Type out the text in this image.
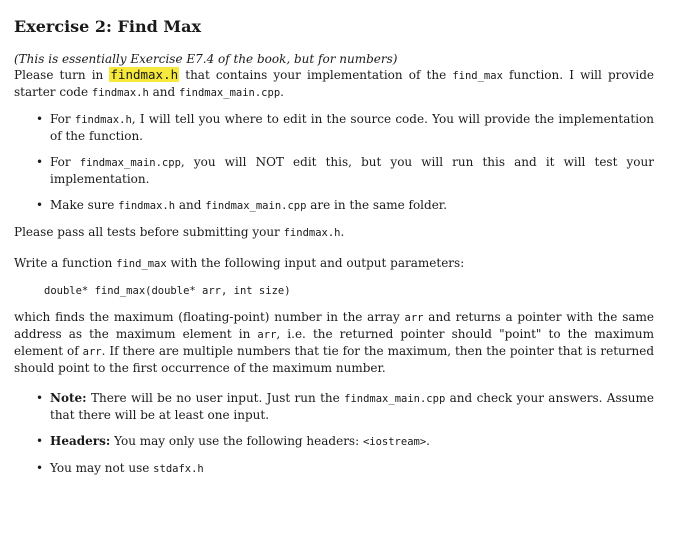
Exercise 2: Find Max

(This is essentially Exercise E7.4 of the book, but for numbers)

Please turn in findmax.h that contains your implementation of the find_max function. I will provide starter code findmax.h and findmax_main.cpp.

• For findmax.h, I will tell you where to edit in the source code. You will provide the implementation of the function.
• For findmax_main.cpp, you will NOT edit this, but you will run this and it will test your implementation.
• Make sure findmax.h and findmax_main.cpp are in the same folder.

Please pass all tests before submitting your findmax.h.

Write a function find_max with the following input and output parameters:

double* find_max(double* arr, int size)

which finds the maximum (floating-point) number in the array arr and returns a pointer with the same address as the maximum element in arr, i.e. the returned pointer should "point" to the maximum element of arr. If there are multiple numbers that tie for the maximum, then the pointer that is returned should point to the first occurrence of the maximum number.

• Note: There will be no user input. Just run the findmax_main.cpp and check your answers. Assume that there will be at least one input.
• Headers: You may only use the following headers: <iostream>.
• You may not use stdafx.h
